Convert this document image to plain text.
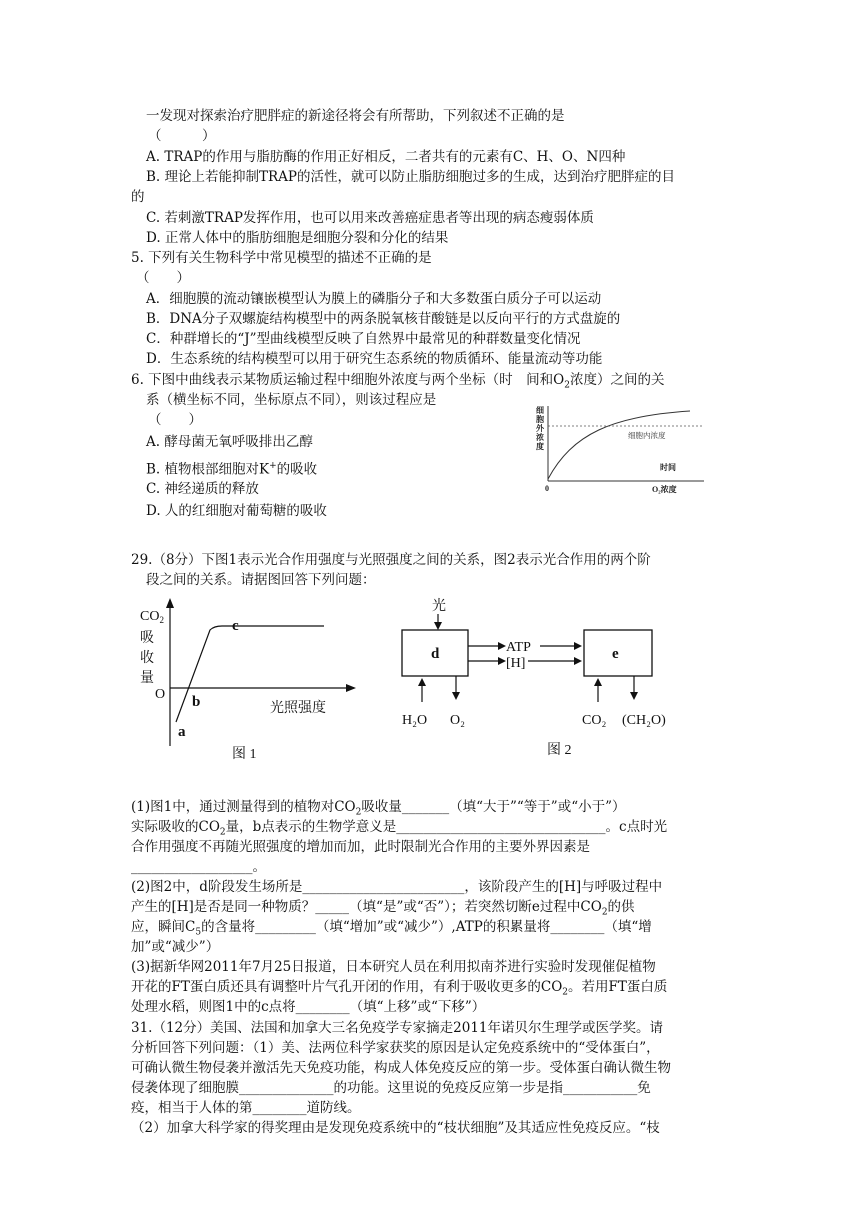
一发现对探索治疗肥胖症的新途径将会有所帮助，下列叙述不正确的是
（　　　）
A. TRAP的作用与脂肪酶的作用正好相反，二者共有的元素有C、H、O、N四种
B. 理论上若能抑制TRAP的活性，就可以防止脂肪细胞过多的生成，达到治疗肥胖症的目
的
C. 若刺激TRAP发挥作用，也可以用来改善癌症患者等出现的病态瘦弱体质
D. 正常人体中的脂肪细胞是细胞分裂和分化的结果
5. 下列有关生物科学中常见模型的描述不正确的是
（　　）
A．细胞膜的流动镶嵌模型认为膜上的磷脂分子和大多数蛋白质分子可以运动
B．DNA分子双螺旋结构模型中的两条脱氧核苷酸链是以反向平行的方式盘旋的
C．种群增长的“J”型曲线模型反映了自然界中最常见的种群数量变化情况
D．生态系统的结构模型可以用于研究生态系统的物质循环、能量流动等功能
6. 下图中曲线表示某物质运输过程中细胞外浓度与两个坐标（时　间和$O_2$浓度）之间的关
系（横坐标不同，坐标原点不同），则该过程应是
（　　）
A. 酵母菌无氧呼吸排出乙醇
B. 植物根部细胞对K+的吸收
C. 神经递质的释放
D. 人的红细胞对葡萄糖的吸收
细
胞
外
浓
度
细胞内浓度
时间
0	O₂浓度
29.（8分）下图1表示光合作用强度与光照强度之间的关系，图2表示光合作用的两个阶
段之间的关系。请据图回答下列问题：
$CO_2$
吸
收
量
O
a
b
c
光照强度
图 1
光
d	ATP
[H]
e
H₂O O₂	CO₂ (CH₂O)
图 2
(1)图1中，通过测量得到的植物对$CO_2$吸收量_______（填“大于”“等于”或“小于”）
实际吸收的$CO_2$量，b点表示的生物学意义是_______________________________。c点时光
合作用强度不再随光照强度的增加而加，此时限制光合作用的主要外界因素是
__________________。
(2)图2中，d阶段发生场所是________________________，该阶段产生的[H]与呼吸过程中
产生的[H]是否是同一种物质？_____（填“是”或“否”）；若突然切断e过程中$CO_2$的供
应，瞬间$C_5$的含量将_________（填“增加”或“减少”）,ATP的积累量将________（填“增
加”或“减少”）
(3)据新华网2011年7月25日报道，日本研究人员在利用拟南芥进行实验时发现催促植物
开花的FT蛋白质还具有调整叶片气孔开闭的作用，有利于吸收更多的$CO_2$。若用FT蛋白质
处理水稻，则图1中的c点将________（填“上移”或“下移”）
31.（12分）美国、法国和加拿大三名免疫学专家摘走2011年诺贝尔生理学或医学奖。请
分析回答下列问题：（1）美、法两位科学家获奖的原因是认定免疫系统中的“受体蛋白”，
可确认微生物侵袭并激活先天免疫功能，构成人体免疫反应的第一步。受体蛋白确认微生物
侵袭体现了细胞膜______________的功能。这里说的免疫反应第一步是指___________免
疫，相当于人体的第________道防线。
（2）加拿大科学家的得奖理由是发现免疫系统中的“枝状细胞”及其适应性免疫反应。“枝
